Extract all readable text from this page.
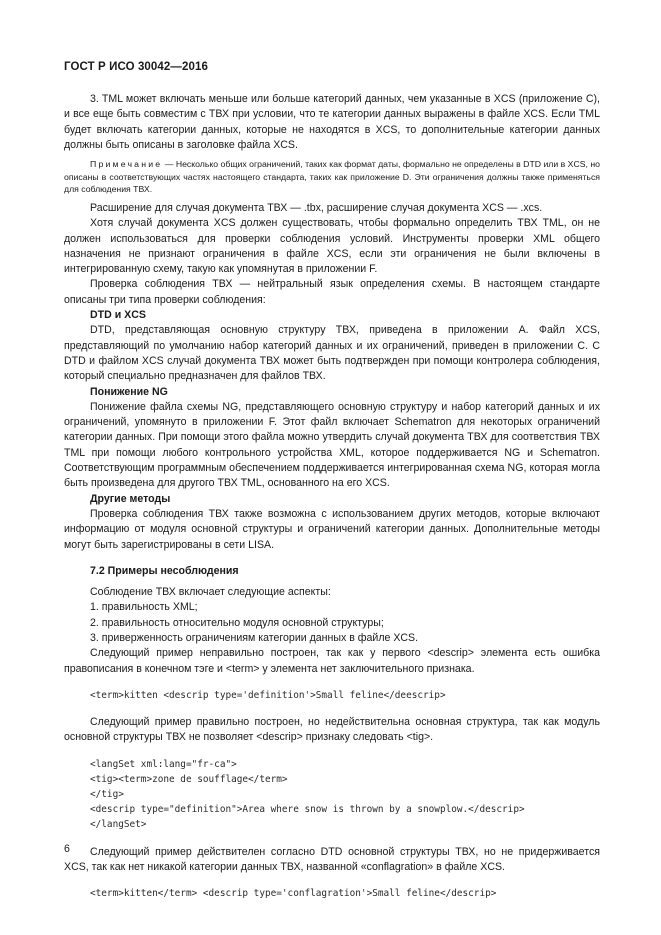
ГОСТ Р ИСО 30042—2016

3. TML может включать меньше или больше категорий данных, чем указанные в XCS (приложение С), и все еще быть совместим с ТВХ при условии, что те категории данных выражены в файле XCS. Если TML будет включать категории данных, которые не находятся в XCS, то дополнительные категории данных должны быть описаны в заголовке файла XCS.

Примечание — Несколько общих ограничений, таких как формат даты, формально не определены в DTD или в XCS, но описаны в соответствующих частях настоящего стандарта, таких как приложение D. Эти ограничения должны также применяться для соблюдения ТВХ.

Расширение для случая документа ТВХ — .tbx, расширение случая документа XCS — .xcs.

Хотя случай документа XCS должен существовать, чтобы формально определить ТВХ TML, он не должен использоваться для проверки соблюдения условий. Инструменты проверки XML общего назначения не признают ограничения в файле XCS, если эти ограничения не были включены в интегрированную схему, такую как упомянутая в приложении F.

Проверка соблюдения ТВХ — нейтральный язык определения схемы. В настоящем стандарте описаны три типа проверки соблюдения:

DTD и XCS

DTD, представляющая основную структуру ТВХ, приведена в приложении А. Файл XCS, представляющий по умолчанию набор категорий данных и их ограничений, приведен в приложении С. С DTD и файлом XCS случай документа ТВХ может быть подтвержден при помощи контролера соблюдения, который специально предназначен для файлов ТВХ.

Понижение NG

Понижение файла схемы NG, представляющего основную структуру и набор категорий данных и их ограничений, упомянуто в приложении F. Этот файл включает Schematron для некоторых ограничений категории данных. При помощи этого файла можно утвердить случай документа ТВХ для соответствия ТВХ TML при помощи любого контрольного устройства XML, которое поддерживается NG и Schematron. Соответствующим программным обеспечением поддерживается интегрированная схема NG, которая могла быть произведена для другого ТВХ TML, основанного на его XCS.

Другие методы

Проверка соблюдения ТВХ также возможна с использованием других методов, которые включают информацию от модуля основной структуры и ограничений категории данных. Дополнительные методы могут быть зарегистрированы в сети LISA.

7.2 Примеры несоблюдения

Соблюдение ТВХ включает следующие аспекты:

1. правильность XML;

2. правильность относительно модуля основной структуры;

3. приверженность ограничениям категории данных в файле XCS.

Следующий пример неправильно построен, так как у первого <descrip> элемента есть ошибка правописания в конечном тэге и <term> у элемента нет заключительного признака.

<term>kitten <descrip type='definition'>Small feline</deescrip>

Следующий пример правильно построен, но недействительна основная структура, так как модуль основной структуры ТВХ не позволяет <descrip> признаку следовать <tig>.

<langSet xml:lang="fr-ca">
<tig><term>zone de soufflage</term>
</tig>
<descrip type="definition">Area where snow is thrown by a snowplow.</descrip>
</langSet>

Следующий пример действителен согласно DTD основной структуры ТВХ, но не придерживается XCS, так как нет никакой категории данных ТВХ, названной «conflagration» в файле XCS.

<term>kitten</term> <descrip type='conflagration'>Small feline</descrip>

6
